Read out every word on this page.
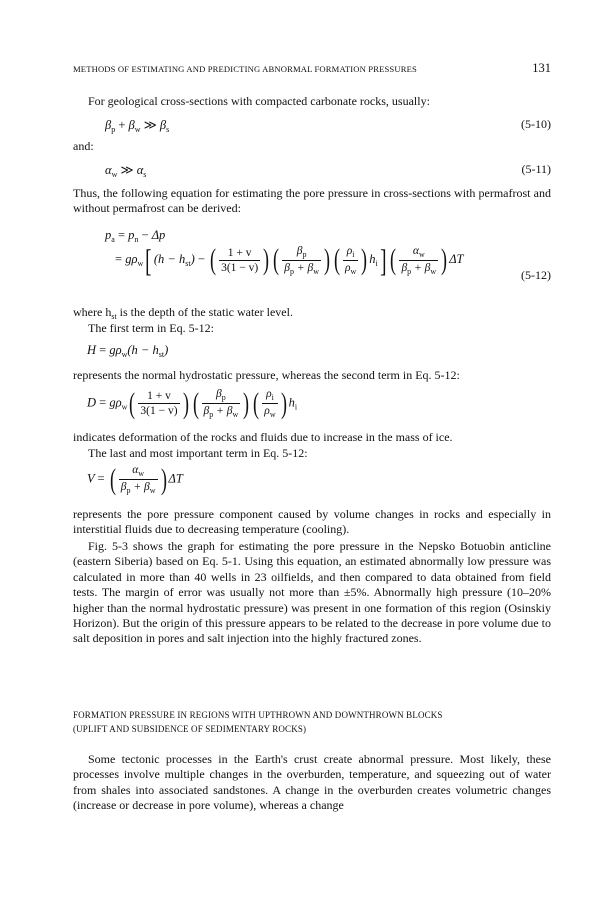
METHODS OF ESTIMATING AND PREDICTING ABNORMAL FORMATION PRESSURES	131

For geological cross-sections with compacted carbonate rocks, usually:

$\beta_p + \beta_w$ ≫ $\beta_s$	(5-10)

and:

$\alpha_w$ ≫ $\alpha_s$	(5-11)

Thus, the following equation for estimating the pore pressure in cross-sections with permafrost and without permafrost can be derived:

$p_a = p_n - \Delta p$
= $g\rho_w$[ $(h - h_{st})$ − ( $\frac{1 + v}{3(1 - v)}$ ) ( $\frac{\beta_p}{\beta_p + \beta_w}$ ) ( $\frac{\rho_i}{\rho_w}$ ) $h_i$] ( $\frac{\alpha_w}{\beta_p + \beta_w}$ ) ΔT
(5-12)

where $h_{st}$ is the depth of the static water level.

The first term in Eq. 5-12:

$H = g\rho_w(h - h_{st})$

represents the normal hydrostatic pressure, whereas the second term in Eq. 5-12:

$D = g\rho_w( \frac{1 + v}{3(1 - v)}$ ) ( $\frac{\beta_p}{\beta_p + \beta_w}$ ) ( $\frac{\rho_i}{\rho_w}$ ) $h_i$

indicates deformation of the rocks and fluids due to increase in the mass of ice.

The last and most important term in Eq. 5-12:

V = ( $\frac{\alpha_w}{\beta_p + \beta_w}$ ) ΔT

represents the pore pressure component caused by volume changes in rocks and especially in interstitial fluids due to decreasing temperature (cooling).

Fig. 5-3 shows the graph for estimating the pore pressure in the Nepsko Botuobin anticline (eastern Siberia) based on Eq. 5-1. Using this equation, an estimated abnormally low pressure was calculated in more than 40 wells in 23 oilfields, and then compared to data obtained from field tests. The margin of error was usually not more than ±5%. Abnormally high pressure (10–20% higher than the normal hydrostatic pressure) was present in one formation of this region (Osinskiy Horizon). But the origin of this pressure appears to be related to the decrease in pore volume due to salt deposition in pores and salt injection into the highly fractured zones.

FORMATION PRESSURE IN REGIONS WITH UPTHROWN AND DOWNTHROWN BLOCKS
(UPLIFT AND SUBSIDENCE OF SEDIMENTARY ROCKS)

Some tectonic processes in the Earth's crust create abnormal pressure. Most likely, these processes involve multiple changes in the overburden, temperature, and squeezing out of water from shales into associated sandstones. A change in the overburden creates volumetric changes (increase or decrease in pore volume), whereas a change
